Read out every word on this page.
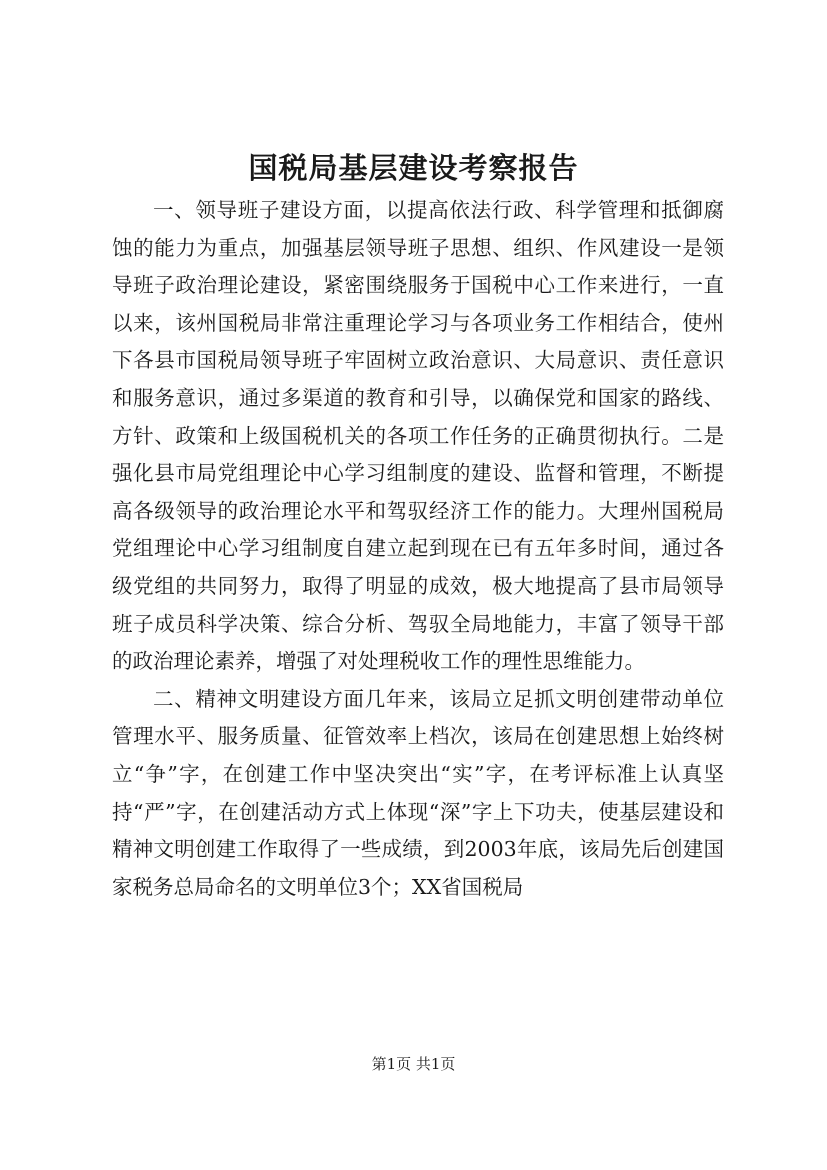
国税局基层建设考察报告

一、领导班子建设方面，以提高依法行政、科学管理和抵御腐蚀的能力为重点，加强基层领导班子思想、组织、作风建设一是领导班子政治理论建设，紧密围绕服务于国税中心工作来进行，一直以来，该州国税局非常注重理论学习与各项业务工作相结合，使州下各县市国税局领导班子牢固树立政治意识、大局意识、责任意识和服务意识，通过多渠道的教育和引导，以确保党和国家的路线、方针、政策和上级国税机关的各项工作任务的正确贯彻执行。二是强化县市局党组理论中心学习组制度的建设、监督和管理，不断提高各级领导的政治理论水平和驾驭经济工作的能力。大理州国税局党组理论中心学习组制度自建立起到现在已有五年多时间，通过各级党组的共同努力，取得了明显的成效，极大地提高了县市局领导班子成员科学决策、综合分析、驾驭全局地能力，丰富了领导干部的政治理论素养，增强了对处理税收工作的理性思维能力。

二、精神文明建设方面几年来，该局立足抓文明创建带动单位管理水平、服务质量、征管效率上档次，该局在创建思想上始终树立“争”字，在创建工作中坚决突出“实”字，在考评标准上认真坚持“严”字，在创建活动方式上体现“深”字上下功夫，使基层建设和精神文明创建工作取得了一些成绩，到2003年底，该局先后创建国家税务总局命名的文明单位3个；XX省国税局

第1页 共1页
